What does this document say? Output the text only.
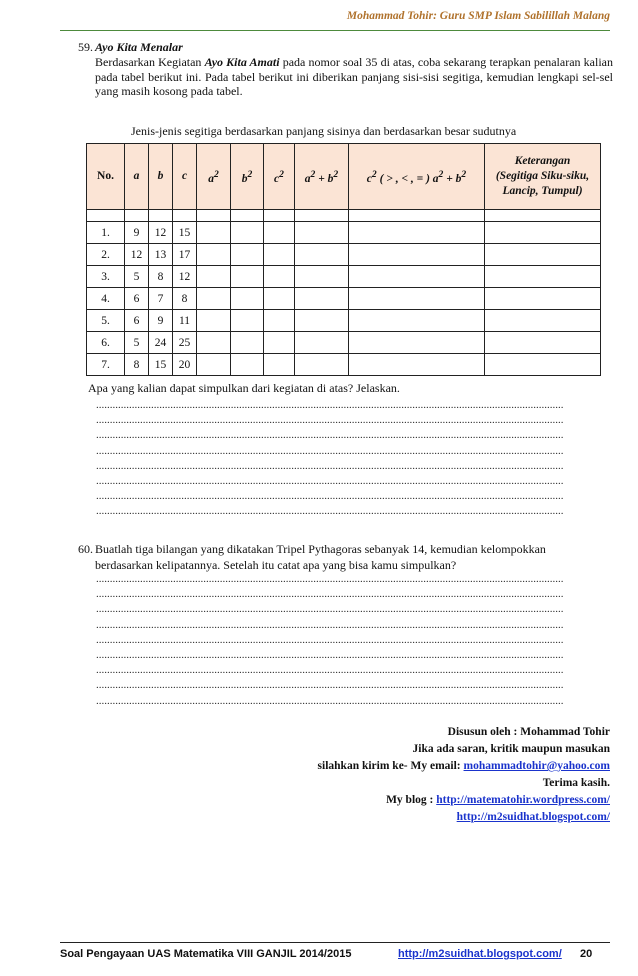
Mohammad Tohir: Guru SMP Islam Sabilillah Malang
59. Ayo Kita Menalar
Berdasarkan Kegiatan Ayo Kita Amati pada nomor soal 35 di atas, coba sekarang terapkan penalaran kalian pada tabel berikut ini. Pada tabel berikut ini diberikan panjang sisi-sisi segitiga, kemudian lengkapi sel-sel yang masih kosong pada tabel.
Jenis-jenis segitiga berdasarkan panjang sisinya dan berdasarkan besar sudutnya
No.	a	b	c	$a^2$	$b^2$	$c^2$	$a^2 + b^2$	$c^2$ ( > , < , = ) $a^2 + b^2$	Keterangan
(Segitiga Siku-siku,
Lancip, Tumpul)

1.	9	12	15						
2.	12	13	17						
3.	5	8	12						
4.	6	7	8						
5.	6	9	11						
6.	5	24	25						
7.	8	15	20						
Apa yang kalian dapat simpulkan dari kegiatan di atas? Jelaskan.
..........................................................................................................................................................................
..........................................................................................................................................................................
..........................................................................................................................................................................
..........................................................................................................................................................................
..........................................................................................................................................................................
..........................................................................................................................................................................
..........................................................................................................................................................................
..........................................................................................................................................................................
60. Buatlah tiga bilangan yang dikatakan Tripel Pythagoras sebanyak 14, kemudian kelompokkan berdasarkan kelipatannya. Setelah itu catat apa yang bisa kamu simpulkan?
..........................................................................................................................................................................
..........................................................................................................................................................................
..........................................................................................................................................................................
..........................................................................................................................................................................
..........................................................................................................................................................................
..........................................................................................................................................................................
..........................................................................................................................................................................
..........................................................................................................................................................................
..........................................................................................................................................................................
Disusun oleh : Mohammad Tohir
Jika ada saran, kritik maupun masukan
silahkan kirim ke- My email: mohammadtohir@yahoo.com
Terima kasih.
My blog : http://matematohir.wordpress.com/
http://m2suidhat.blogspot.com/
Soal Pengayaan UAS Matematika VIII GANJIL 2014/2015	http://m2suidhat.blogspot.com/ 20
